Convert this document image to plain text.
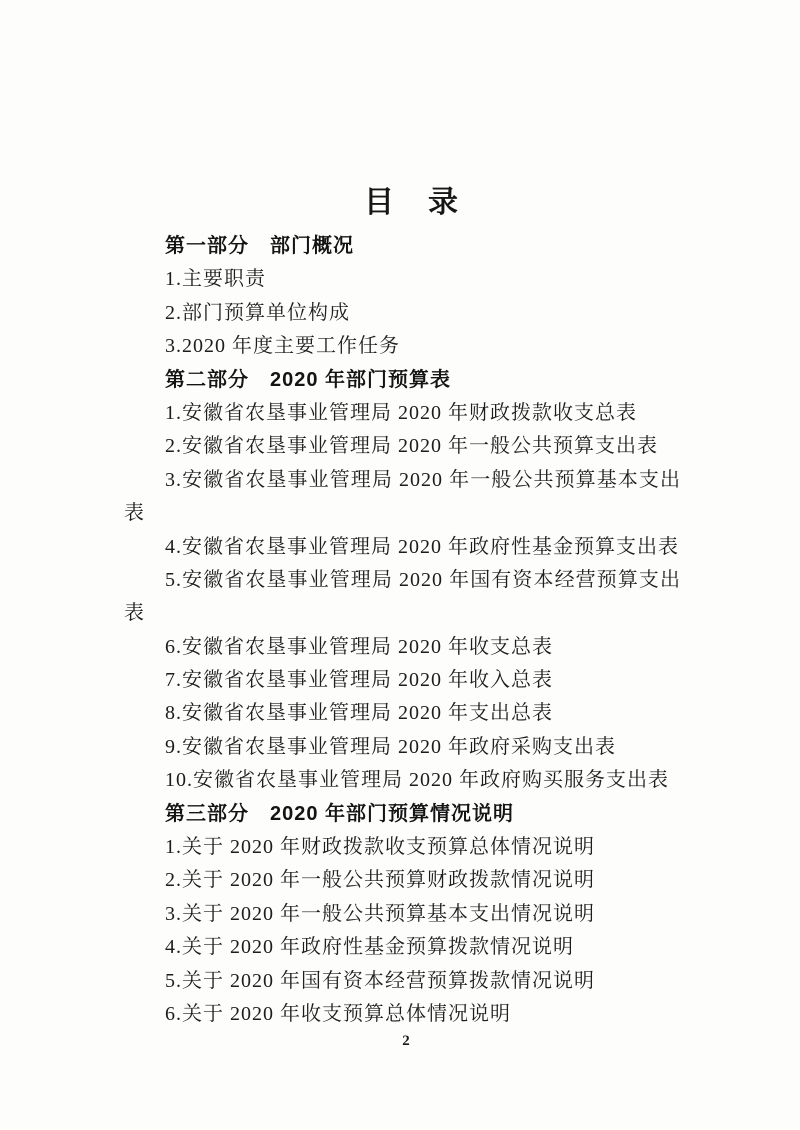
目　录
第一部分　部门概况
1.主要职责
2.部门预算单位构成
3.2020 年度主要工作任务
第二部分　2020 年部门预算表
1.安徽省农垦事业管理局 2020 年财政拨款收支总表
2.安徽省农垦事业管理局 2020 年一般公共预算支出表
3.安徽省农垦事业管理局 2020 年一般公共预算基本支出
表
4.安徽省农垦事业管理局 2020 年政府性基金预算支出表
5.安徽省农垦事业管理局 2020 年国有资本经营预算支出
表
6.安徽省农垦事业管理局 2020 年收支总表
7.安徽省农垦事业管理局 2020 年收入总表
8.安徽省农垦事业管理局 2020 年支出总表
9.安徽省农垦事业管理局 2020 年政府采购支出表
10.安徽省农垦事业管理局 2020 年政府购买服务支出表
第三部分　2020 年部门预算情况说明
1.关于 2020 年财政拨款收支预算总体情况说明
2.关于 2020 年一般公共预算财政拨款情况说明
3.关于 2020 年一般公共预算基本支出情况说明
4.关于 2020 年政府性基金预算拨款情况说明
5.关于 2020 年国有资本经营预算拨款情况说明
6.关于 2020 年收支预算总体情况说明
2
